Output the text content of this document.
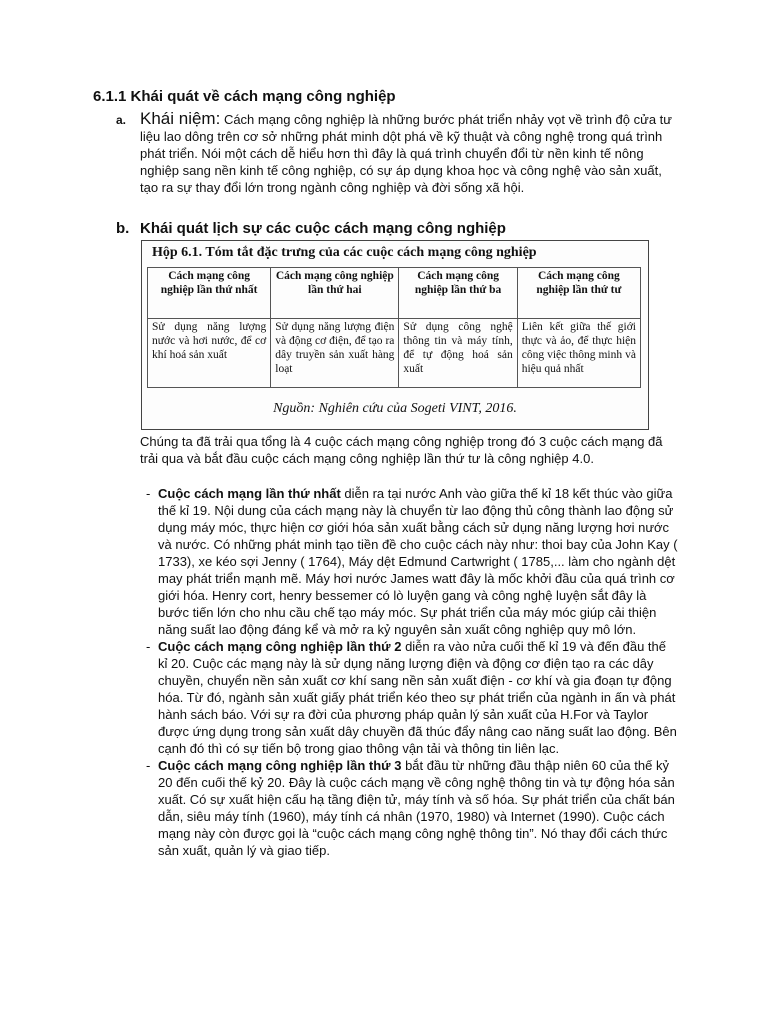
6.1.1 Khái quát về cách mạng công nghiệp
a. Khái niệm: Cách mạng công nghiệp là những bước phát triển nhảy vọt về trình độ cửa tư liệu lao dông trên cơ sở những phát minh dột phá về kỹ thuật và công nghệ trong quá trình phát triển. Nói một cách dễ hiểu hơn thì đây là quá trình chuyển đổi từ nền kinh tế nông nghiệp sang nền kinh tế công nghiệp, có sự áp dụng khoa học và công nghệ vào sản xuất, tạo ra sự thay đổi lớn trong ngành công nghiệp và đời sống xã hội.
b. Khái quát lịch sự các cuộc cách mạng công nghiệp
Hộp 6.1. Tóm tắt đặc trưng của các cuộc cách mạng công nghiệp
Cách mạng công nghiệp lần thứ nhất	Cách mạng công nghiệp lần thứ hai	Cách mạng công nghiệp lần thứ ba	Cách mạng công nghiệp lần thứ tư
Sử dụng năng lượng nước và hơi nước, để cơ khí hoá sản xuất	Sử dụng năng lượng điện và động cơ điện, để tạo ra dây truyền sản xuất hàng loạt	Sử dụng công nghệ thông tin và máy tính, để tự động hoá sản xuất	Liên kết giữa thế giới thực và ảo, để thực hiện công việc thông minh và hiệu quả nhất
Nguồn: Nghiên cứu của Sogeti VINT, 2016.
Chúng ta đã trải qua tổng là 4 cuộc cách mạng công nghiệp trong đó 3 cuộc cách mạng đã trải qua và bắt đầu cuộc cách mạng công nghiệp lần thứ tư là công nghiệp 4.0.
- Cuộc cách mạng lần thứ nhất diễn ra tại nước Anh vào giữa thế kỉ 18 kết thúc vào giữa thế kỉ 19. Nội dung của cách mạng này là chuyển từ lao động thủ công thành lao động sử dụng máy móc, thực hiện cơ giới hóa sản xuất bằng cách sử dụng năng lượng hơi nước và nước. Có những phát minh tạo tiền đề cho cuộc cách này như: thoi bay của John Kay ( 1733), xe kéo sợi Jenny ( 1764), Máy dệt Edmund Cartwright ( 1785,... làm cho ngành dệt may phát triển mạnh mẽ. Máy hơi nước James watt đây là mốc khởi đầu của quá trình cơ giới hóa. Henry cort, henry bessemer có lò luyện gang và công nghệ luyện sắt đây là bước tiến lớn cho nhu cầu chế tạo máy móc. Sự phát triển của máy móc giúp cải thiện năng suất lao động đáng kể và mở ra kỷ nguyên sản xuất công nghiệp quy mô lớn.
- Cuộc cách mạng công nghiệp lần thứ 2 diễn ra vào nửa cuối thế kỉ 19 và đến đầu thế kỉ 20. Cuộc các mạng này là sử dụng năng lượng điện và động cơ điện tạo ra các dây chuyền, chuyển nền sản xuất cơ khí sang nền sản xuất điện - cơ khí và gia đoạn tự động hóa. Từ đó, ngành sản xuất giấy phát triển kéo theo sự phát triển của ngành in ấn và phát hành sách báo. Với sự ra đời của phương pháp quản lý sản xuất của H.For và Taylor được ứng dụng trong sản xuất dây chuyền đã thúc đẩy nâng cao năng suất lao động. Bên cạnh đó thì có sự tiến bộ trong giao thông vận tải và thông tin liên lạc.
- Cuộc cách mạng công nghiệp lần thứ 3 bắt đầu từ những đầu thập niên 60 của thế kỷ 20 đến cuối thế kỷ 20. Đây là cuộc cách mạng về công nghệ thông tin và tự động hóa sản xuất. Có sự xuất hiện cấu hạ tầng điện tử, máy tính và số hóa. Sự phát triển của chất bán dẫn, siêu máy tính (1960), máy tính cá nhân (1970, 1980) và Internet (1990). Cuộc cách mạng này còn được gọi là “cuộc cách mạng công nghệ thông tin”. Nó thay đổi cách thức sản xuất, quản lý và giao tiếp.
